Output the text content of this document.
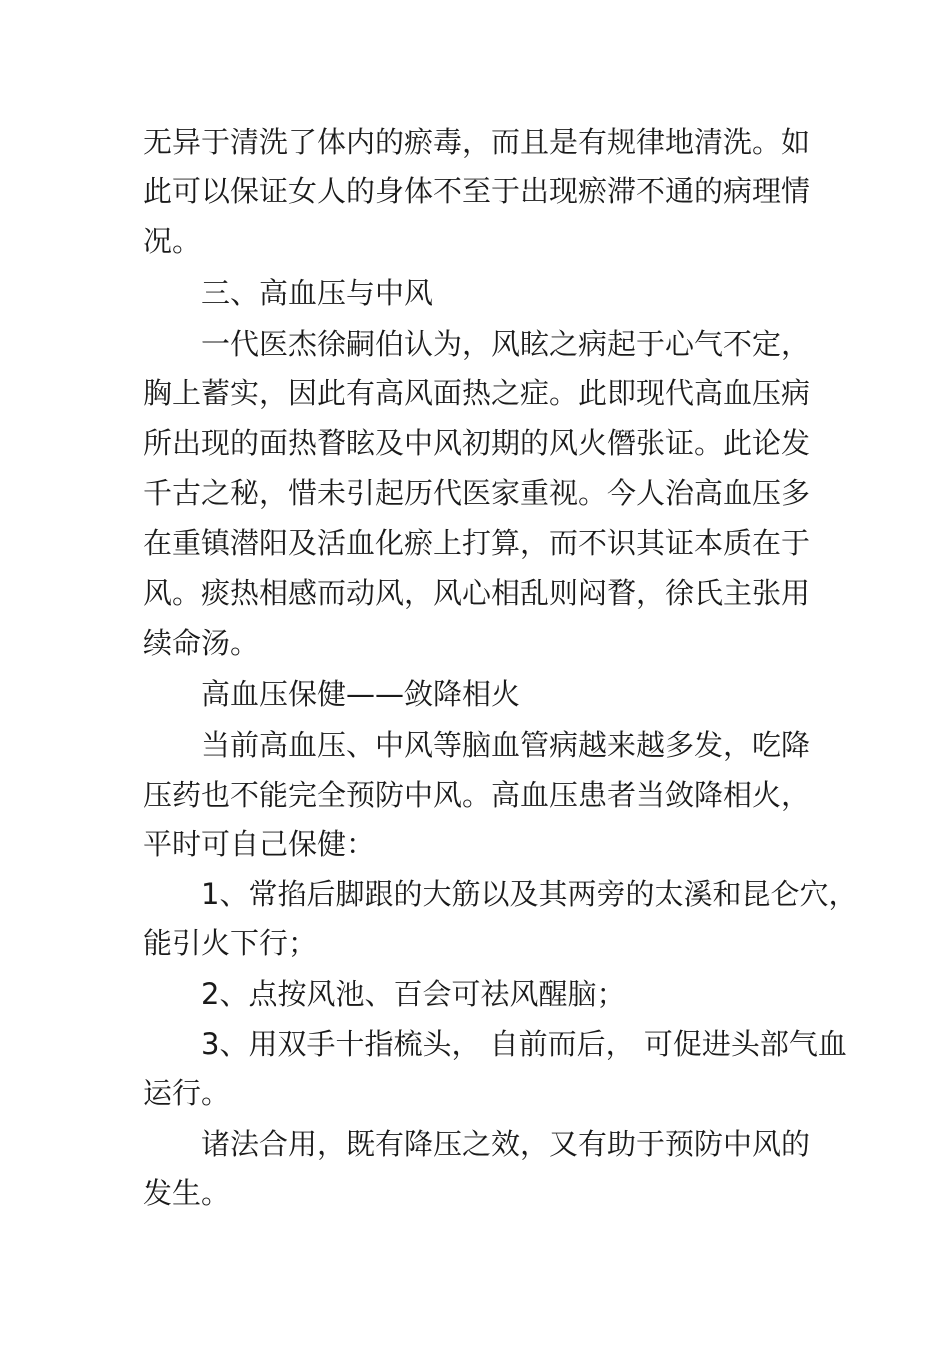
无异于清洗了体内的瘀毒，而且是有规律地清洗。如
此可以保证女人的身体不至于出现瘀滞不通的病理情
况。
三、高血压与中风
一代医杰徐嗣伯认为，风眩之病起于心气不定，
胸上蓄实，因此有高风面热之症。此即现代高血压病
所出现的面热瞀眩及中风初期的风火僭张证。此论发
千古之秘，惜未引起历代医家重视。今人治高血压多
在重镇潜阳及活血化瘀上打算，而不识其证本质在于
风。痰热相感而动风，风心相乱则闷瞀，徐氏主张用
续命汤。
高血压保健——敛降相火
当前高血压、中风等脑血管病越来越多发，吃降
压药也不能完全预防中风。高血压患者当敛降相火，
平时可自己保健：
1、常掐后脚跟的大筋以及其两旁的太溪和昆仑穴，
能引火下行；
2、点按风池、百会可祛风醒脑；
3、用双手十指梳头， 自前而后， 可促进头部气血
运行。
诸法合用，既有降压之效，又有助于预防中风的
发生。
